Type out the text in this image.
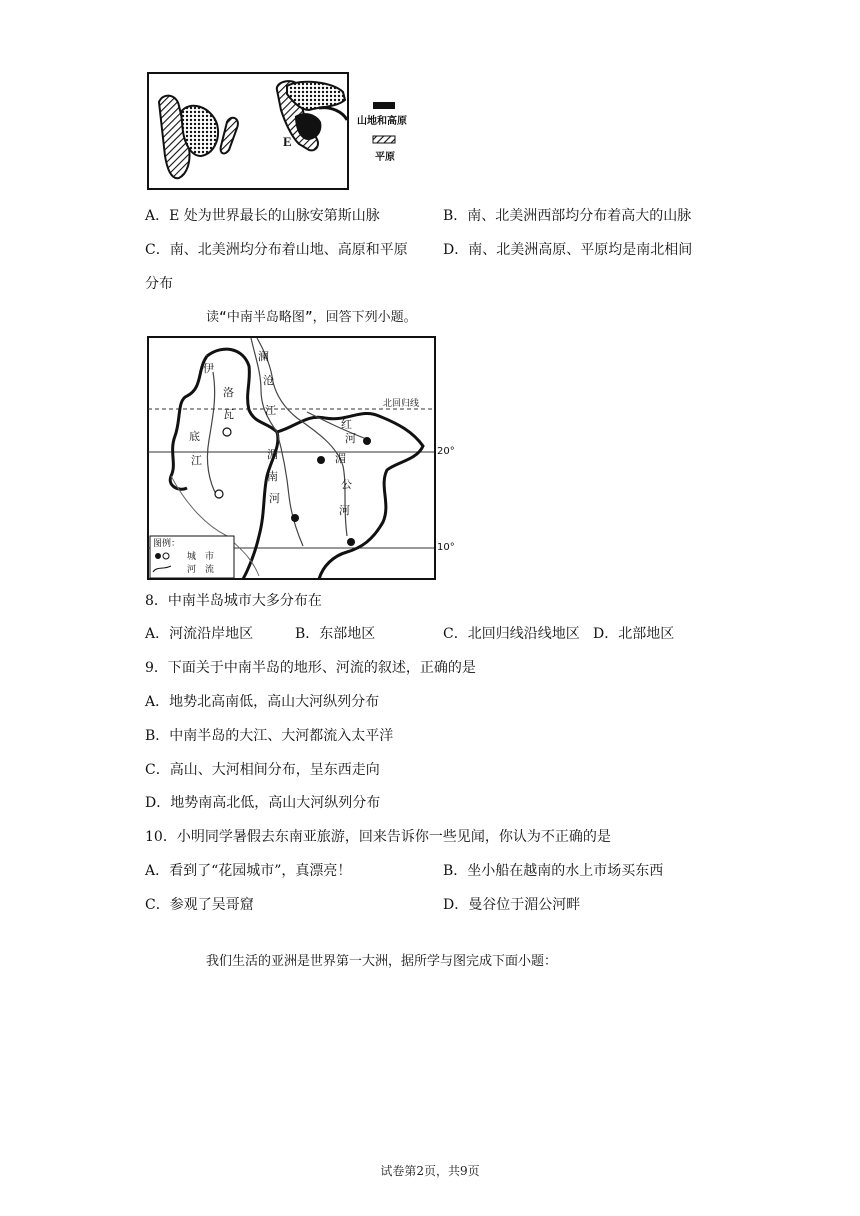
E
山地和高原
平原
A．E 处为世界最长的山脉安第斯山脉	B．南、北美洲西部均分布着高大的山脉
C．南、北美洲均分布着山地、高原和平原	D．南、北美洲高原、平原均是南北相间
分布
读“中南半岛略图”，回答下列小题。
澜
沧
江
伊
洛
瓦
底
江	湄
南
河
湄
公
河
红
河
北回归线
20°
10°
图例：
城　市
河　流
8．中南半岛城市大多分布在
A．河流沿岸地区	B．东部地区	C．北回归线沿线地区 D．北部地区
9．下面关于中南半岛的地形、河流的叙述，正确的是
A．地势北高南低，高山大河纵列分布
B．中南半岛的大江、大河都流入太平洋
C．高山、大河相间分布，呈东西走向
D．地势南高北低，高山大河纵列分布
10．小明同学暑假去东南亚旅游，回来告诉你一些见闻，你认为不正确的是
A．看到了“花园城市”，真漂亮！	B．坐小船在越南的水上市场买东西
C．参观了吴哥窟	D．曼谷位于湄公河畔
我们生活的亚洲是世界第一大洲，据所学与图完成下面小题：
试卷第2页，共9页
